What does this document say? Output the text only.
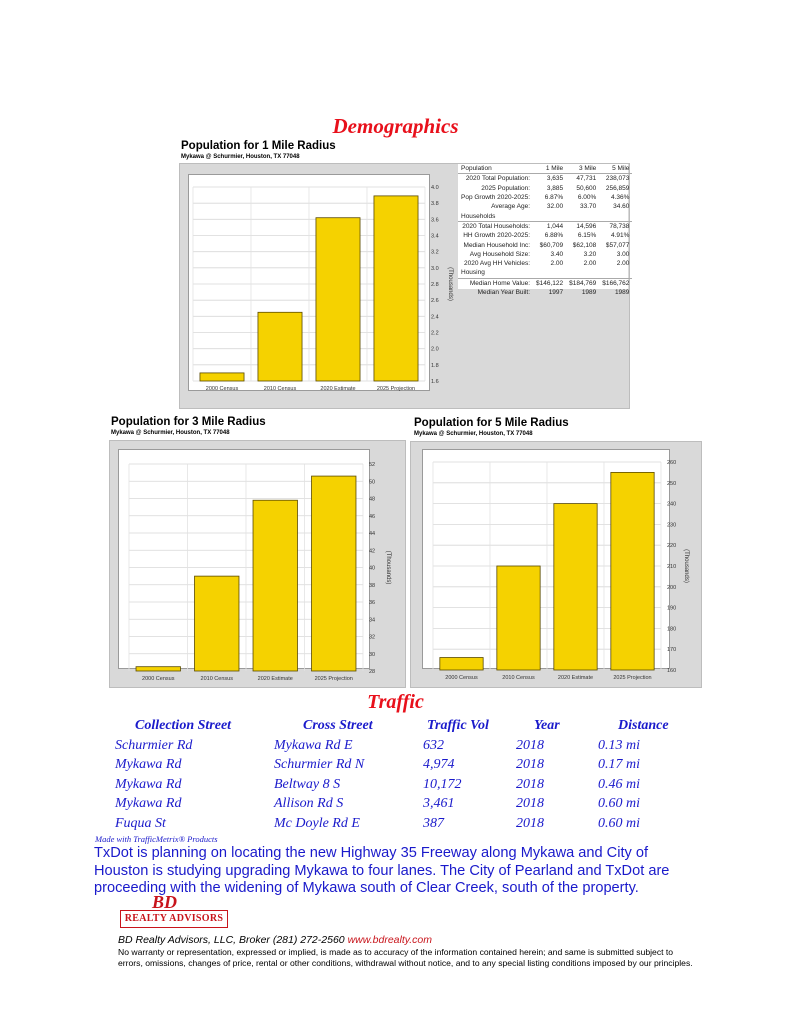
Demographics
Population for 1 Mile Radius
Mykawa @ Schurmier, Houston, TX 77048
1.6
1.8
2.0
2.2
2.4
2.6
2.8
3.0
3.2
3.4
3.6
3.8
4.0
2000 Census	2010 Census	2020 Estimate	2025 Projection
(Thousands)
Population	1 Mile	3 Mile	5 Mile
2020 Total Population:	3,635	47,731	238,073
2025 Population:	3,885	50,600	256,859
Pop Growth 2020-2025:	6.87%	6.00%	4.36%
Average Age:	32.00	33.70	34.60
Households			
2020 Total Households:	1,044	14,596	78,738
HH Growth 2020-2025:	6.88%	6.15%	4.91%
Median Household Inc:	$60,709	$62,108	$57,077
Avg Household Size:	3.40	3.20	3.00
2020 Avg HH Vehicles:	2.00	2.00	2.00
Housing			
Median Home Value:	$146,122	$184,769	$166,762
Median Year Built:	1997	1989	1989
Population for 3 Mile Radius
Mykawa @ Schurmier, Houston, TX 77048
28
30
32
34
36
38
40
42
44
46
48
50
52
2000 Census	2010 Census	2020 Estimate	2025 Projection
(Thousands)
Population for 5 Mile Radius
Mykawa @ Schurmier, Houston, TX 77048
160
170
180
190
200
210
220
230
240
250
260
2000 Census	2010 Census	2020 Estimate	2025 Projection
(Thousands)
Traffic
Collection Street	Cross Street	Traffic Vol	Year	Distance
Schurmier Rd	Mykawa Rd E	632	2018	0.13 mi
Mykawa Rd	Schurmier Rd N	4,974	2018	0.17 mi
Mykawa Rd	Beltway 8 S	10,172	2018	0.46 mi
Mykawa Rd	Allison Rd S	3,461	2018	0.60 mi
Fuqua St	Mc Doyle Rd E	387	2018	0.60 mi
Made with TrafficMetrix® Products
TxDot is planning on locating the new Highway 35 Freeway along Mykawa and City of Houston is studying upgrading Mykawa to four lanes. The City of Pearland and TxDot are proceeding with the widening of Mykawa south of Clear Creek, south of the property.
BD
REALTY ADVISORS
BD Realty Advisors, LLC, Broker (281) 272-2560 www.bdrealty.com
No warranty or representation, expressed or implied, is made as to accuracy of the information contained herein; and same is submitted subject to errors, omissions, changes of price, rental or other conditions, withdrawal without notice, and to any special listing conditions imposed by our principles.
